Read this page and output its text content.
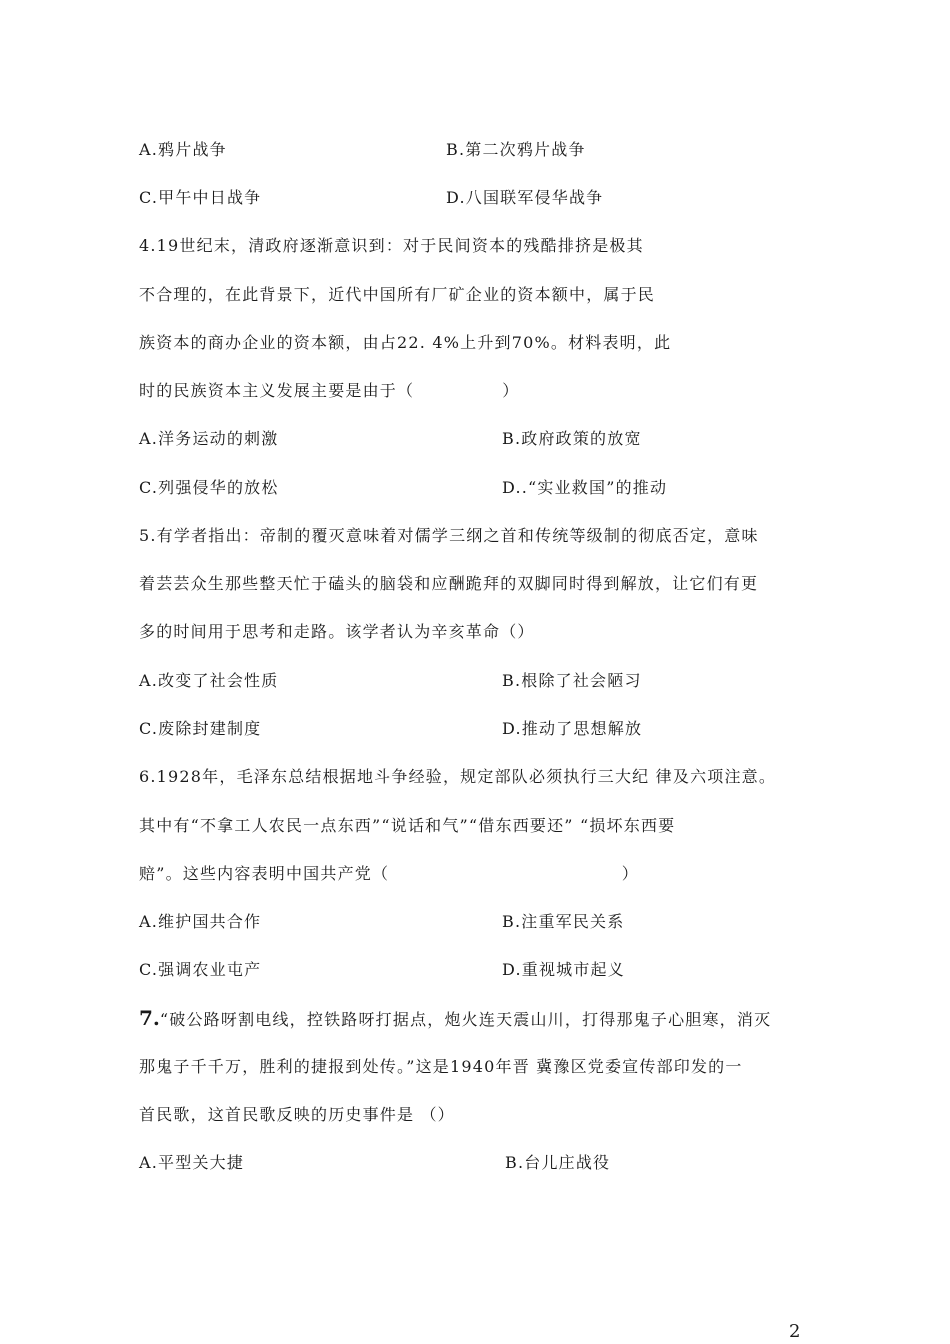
A.鸦片战争	B.第二次鸦片战争
C.甲午中日战争	D.八国联军侵华战争
4.19世纪末，清政府逐渐意识到：对于民间资本的残酷排挤是极其
不合理的，在此背景下，近代中国所有厂矿企业的资本额中，属于民
族资本的商办企业的资本额，由占22. 4%上升到70%。材料表明，此
时的民族资本主义发展主要是由于（              ）
A.洋务运动的刺激	B.政府政策的放宽
C.列强侵华的放松	D..“实业救国”的推动
5.有学者指出：帝制的覆灭意味着对儒学三纲之首和传统等级制的彻底否定，意味
着芸芸众生那些整天忙于磕头的脑袋和应酬跪拜的双脚同时得到解放，让它们有更
多的时间用于思考和走路。该学者认为辛亥革命（）
A.改变了社会性质	B.根除了社会陋习
C.废除封建制度	D.推动了思想解放
6.1928年，毛泽东总结根据地斗争经验，规定部队必须执行三大纪 律及六项注意。
其中有“不拿工人农民一点东西”“说话和气”“借东西要还” “损坏东西要
赔”。这些内容表明中国共产党（                                     ）
A.维护国共合作	B.注重军民关系
C.强调农业屯产	D.重视城市起义
7.“破公路呀割电线，控铁路呀打据点，炮火连天震山川，打得那鬼子心胆寒，消灭
那鬼子千千万，胜利的捷报到处传。”这是1940年晋 冀豫区党委宣传部印发的一
首民歌，这首民歌反映的历史事件是 （）
A.平型关大捷	B.台儿庄战役
2
